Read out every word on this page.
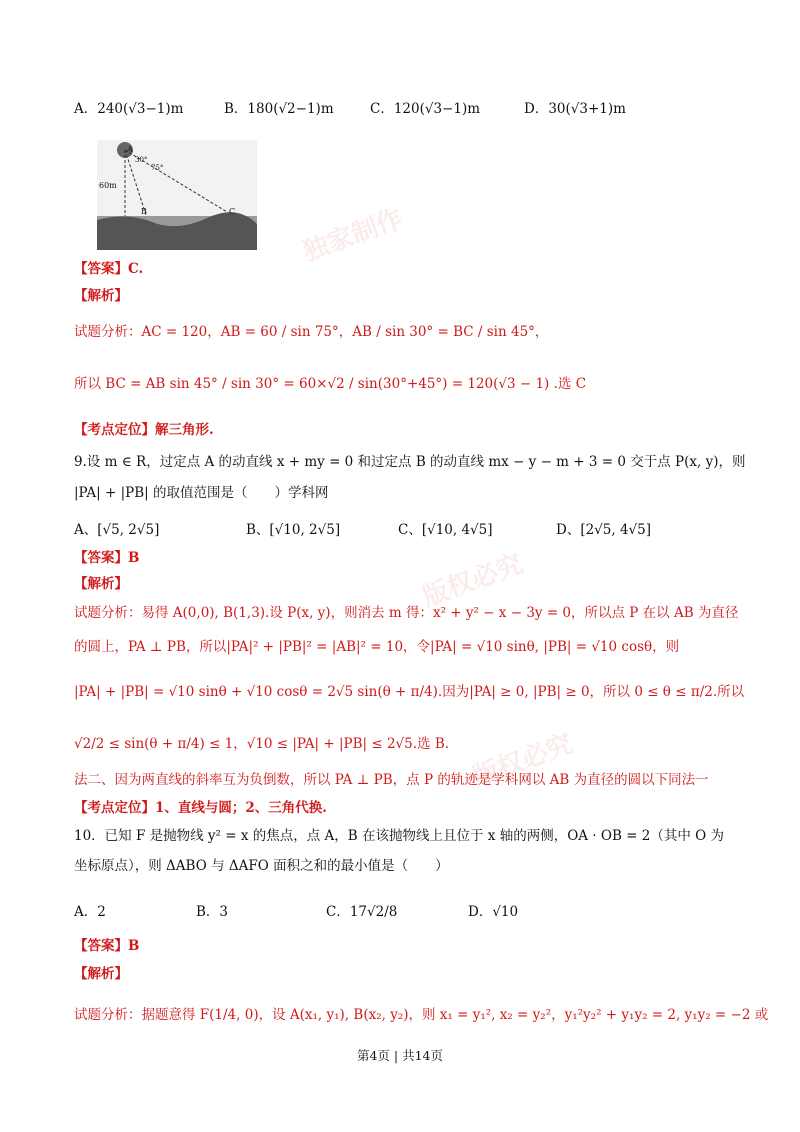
独家制作
版权必究
版权必究
A．240(√3−1)m	B．180(√2−1)m	C．120(√3−1)m	D．30(√3+1)m
A
30°
75°
60m
B	C
【答案】C.
【解析】
试题分析：AC = 120，AB = 60 / sin 75°，AB / sin 30° = BC / sin 45°，
所以 BC = AB sin 45° / sin 30° = 60×√2 / sin(30°+45°) = 120(√3 − 1) .选 C
【考点定位】解三角形.
9.设 m ∈ R，过定点 A 的动直线 x + my = 0 和过定点 B 的动直线 mx − y − m + 3 = 0 交于点 P(x, y)，则
|PA| + |PB| 的取值范围是（　　）学科网
A、[√5, 2√5]	B、[√10, 2√5]	C、[√10, 4√5]	D、[2√5, 4√5]
【答案】B
【解析】
试题分析：易得 A(0,0), B(1,3).设 P(x, y)，则消去 m 得：x² + y² − x − 3y = 0，所以点 P 在以 AB 为直径
的圆上，PA ⊥ PB，所以|PA|² + |PB|² = |AB|² = 10，令|PA| = √10 sinθ, |PB| = √10 cosθ，则
|PA| + |PB| = √10 sinθ + √10 cosθ = 2√5 sin(θ + π/4).因为|PA| ≥ 0, |PB| ≥ 0，所以 0 ≤ θ ≤ π/2.所以
√2/2 ≤ sin(θ + π/4) ≤ 1，√10 ≤ |PA| + |PB| ≤ 2√5.选 B.
法二、因为两直线的斜率互为负倒数，所以 PA ⊥ PB，点 P 的轨迹是学科网以 AB 为直径的圆以下同法一
【考点定位】1、直线与圆；2、三角代换.
10．已知 F 是抛物线 y² = x 的焦点，点 A，B 在该抛物线上且位于 x 轴的两侧，OA · OB = 2（其中 O 为
坐标原点），则 ΔABO 与 ΔAFO 面积之和的最小值是（　　）
A．2	B．3	C．17√2/8	D．√10
【答案】B
【解析】
试题分析：据题意得 F(1/4, 0)，设 A(x₁, y₁), B(x₂, y₂)，则 x₁ = y₁², x₂ = y₂²，y₁²y₂² + y₁y₂ = 2, y₁y₂ = −2 或
第4页 | 共14页
